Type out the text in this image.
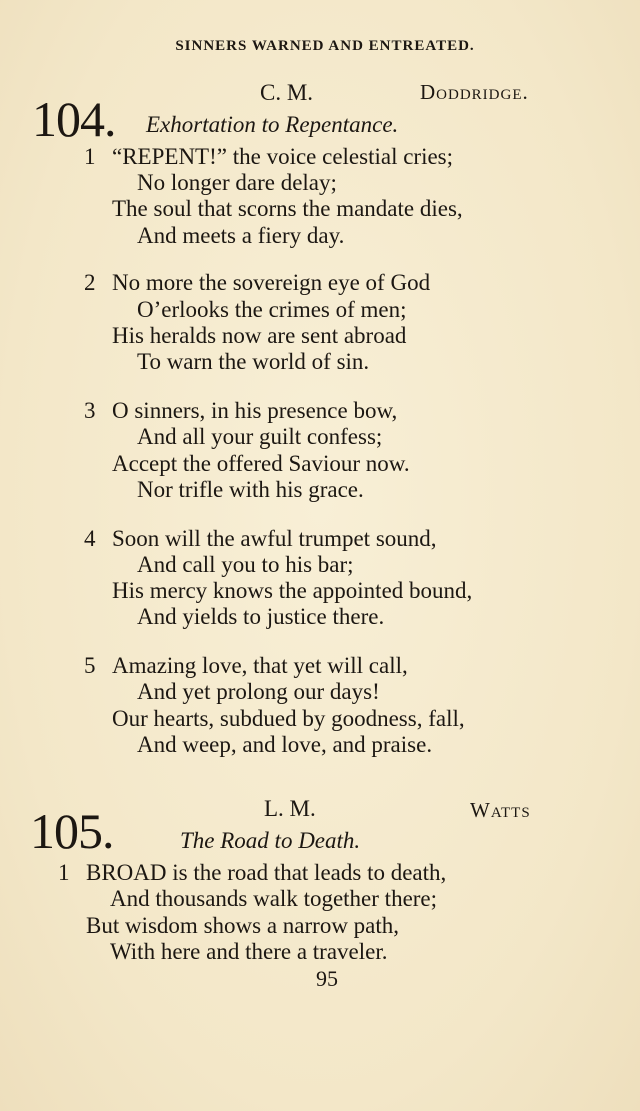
SINNERS WARNED AND ENTREATED.
104.	C. M.	Doddridge.
Exhortation to Repentance.
1 “REPENT!” the voice celestial cries;
No longer dare delay;
The soul that scorns the mandate dies,
And meets a fiery day.
2 No more the sovereign eye of God
O’erlooks the crimes of men;
His heralds now are sent abroad
To warn the world of sin.
3 O sinners, in his presence bow,
And all your guilt confess;
Accept the offered Saviour now.
Nor trifle with his grace.
4 Soon will the awful trumpet sound,
And call you to his bar;
His mercy knows the appointed bound,
And yields to justice there.
5 Amazing love, that yet will call,
And yet prolong our days!
Our hearts, subdued by goodness, fall,
And weep, and love, and praise.
105.	L. M.	Watts
The Road to Death.
1 BROAD is the road that leads to death,
And thousands walk together there;
But wisdom shows a narrow path,
With here and there a traveler.
95
